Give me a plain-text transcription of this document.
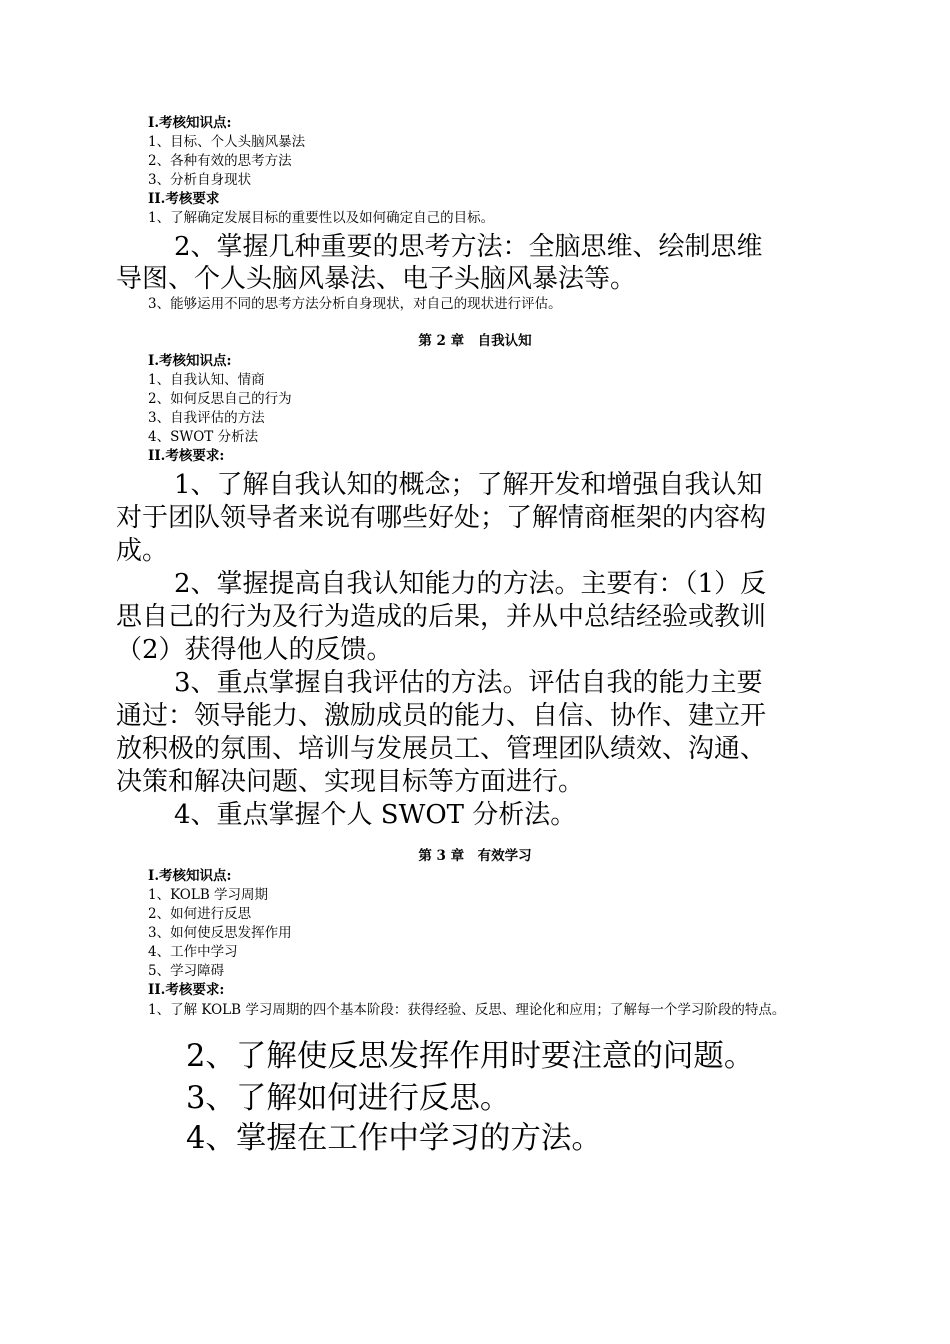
I.考核知识点:
1、目标、个人头脑风暴法
2、各种有效的思考方法
3、分析自身现状
II.考核要求
1、了解确定发展目标的重要性以及如何确定自己的目标。
2、掌握几种重要的思考方法：全脑思维、绘制思维
导图、个人头脑风暴法、电子头脑风暴法等。
3、能够运用不同的思考方法分析自身现状，对自己的现状进行评估。
第 2 章　自我认知
I.考核知识点:
1、自我认知、情商
2、如何反思自己的行为
3、自我评估的方法
4、SWOT 分析法
II.考核要求:
1、了解自我认知的概念；了解开发和增强自我认知
对于团队领导者来说有哪些好处；了解情商框架的内容构
成。
2、掌握提高自我认知能力的方法。主要有：（1）反
思自己的行为及行为造成的后果，并从中总结经验或教训
（2）获得他人的反馈。
3、重点掌握自我评估的方法。评估自我的能力主要
通过：领导能力、激励成员的能力、自信、协作、建立开
放积极的氛围、培训与发展员工、管理团队绩效、沟通、
决策和解决问题、实现目标等方面进行。
4、重点掌握个人 SWOT 分析法。
第 3 章　有效学习
I.考核知识点:
1、KOLB 学习周期
2、如何进行反思
3、如何使反思发挥作用
4、工作中学习
5、学习障碍
II.考核要求:
1、了解 KOLB 学习周期的四个基本阶段：获得经验、反思、理论化和应用；了解每一个学习阶段的特点。
2、了解使反思发挥作用时要注意的问题。
3、了解如何进行反思。
4、掌握在工作中学习的方法。
